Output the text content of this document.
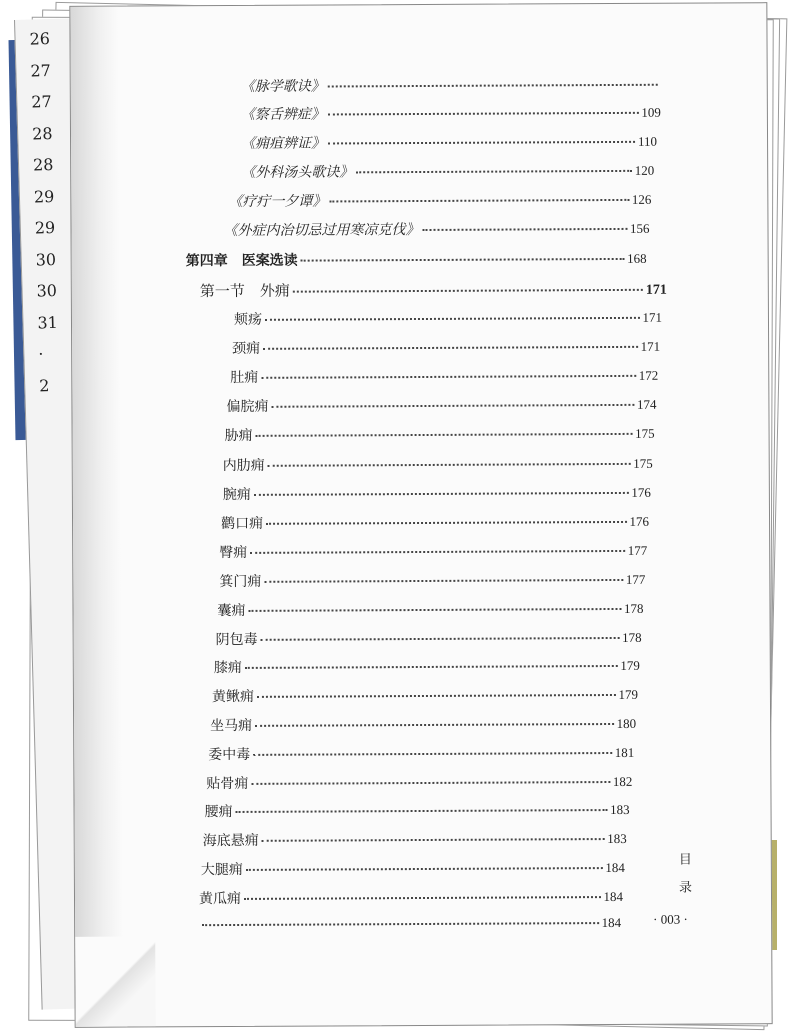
26
27
27
28
28
29
29
30
30
31
·
2
《脉学歌诀》
《察舌辨症》	109
《痈疽辨证》	110
《外科汤头歌诀》	120
《疗疔一夕谭》	126
《外症内治切忌过用寒凉克伐》	156
第四章　医案选读	168
第一节　外痈	171
颊疡	171
颈痈	171
肚痈	172
偏脘痈	174
胁痈	175
内肋痈	175
腕痈	176
鹳口痈	176
臀痈	177
箕门痈	177
囊痈	178
阴包毒	178
膝痈	179
黄鳅痈	179
坐马痈	180
委中毒	181
贴骨痈	182
腰痈	183
海底悬痈	183
大腿痈	184
黄瓜痈	184
184
目
录
· 003 ·
